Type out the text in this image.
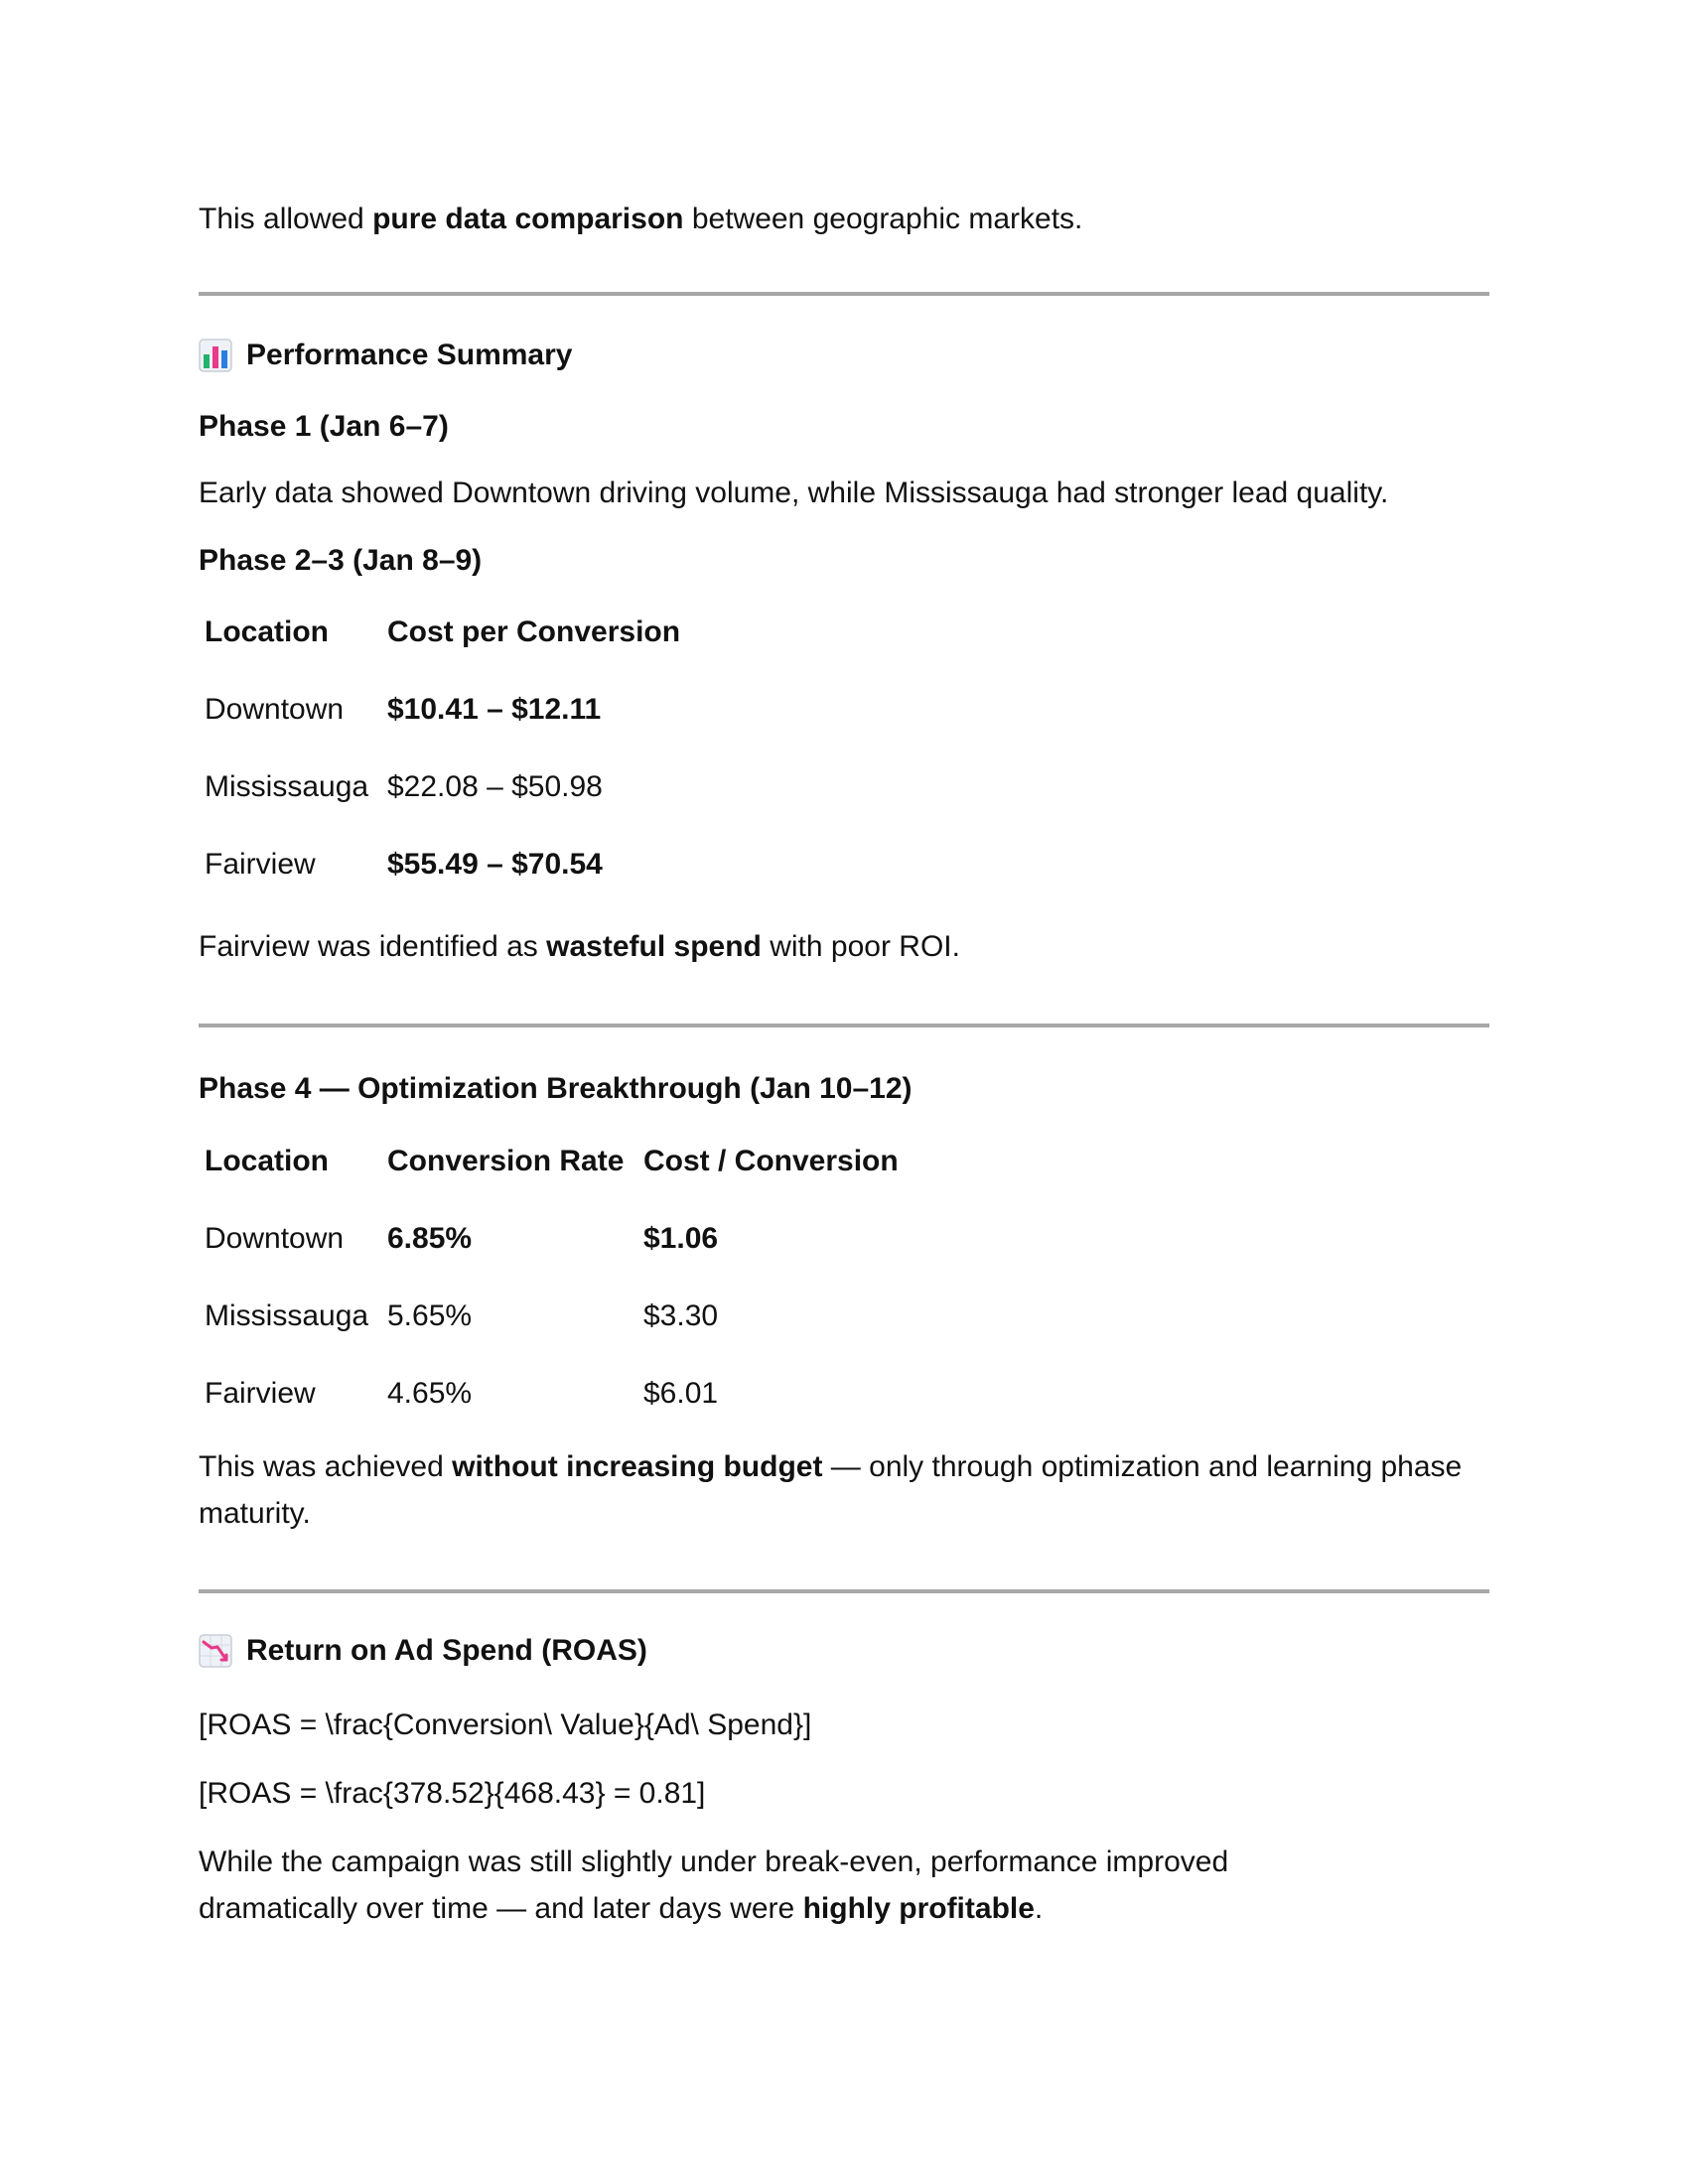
This allowed pure data comparison between geographic markets.
Performance Summary
Phase 1 (Jan 6–7)
Early data showed Downtown driving volume, while Mississauga had stronger lead quality.
Phase 2–3 (Jan 8–9)
Location	Cost per Conversion
Downtown	$10.41 – $12.11
Mississauga	$22.08 – $50.98
Fairview	$55.49 – $70.54
Fairview was identified as wasteful spend with poor ROI.
Phase 4 — Optimization Breakthrough (Jan 10–12)
Location	Conversion Rate	Cost / Conversion
Downtown	6.85%	$1.06
Mississauga	5.65%	$3.30
Fairview	4.65%	$6.01
This was achieved without increasing budget — only through optimization and learning phase maturity.
Return on Ad Spend (ROAS)
[ROAS = \frac{Conversion\ Value}{Ad\ Spend}]
[ROAS = \frac{378.52}{468.43} = 0.81]
While the campaign was still slightly under break-even, performance improved
dramatically over time — and later days were highly profitable.
